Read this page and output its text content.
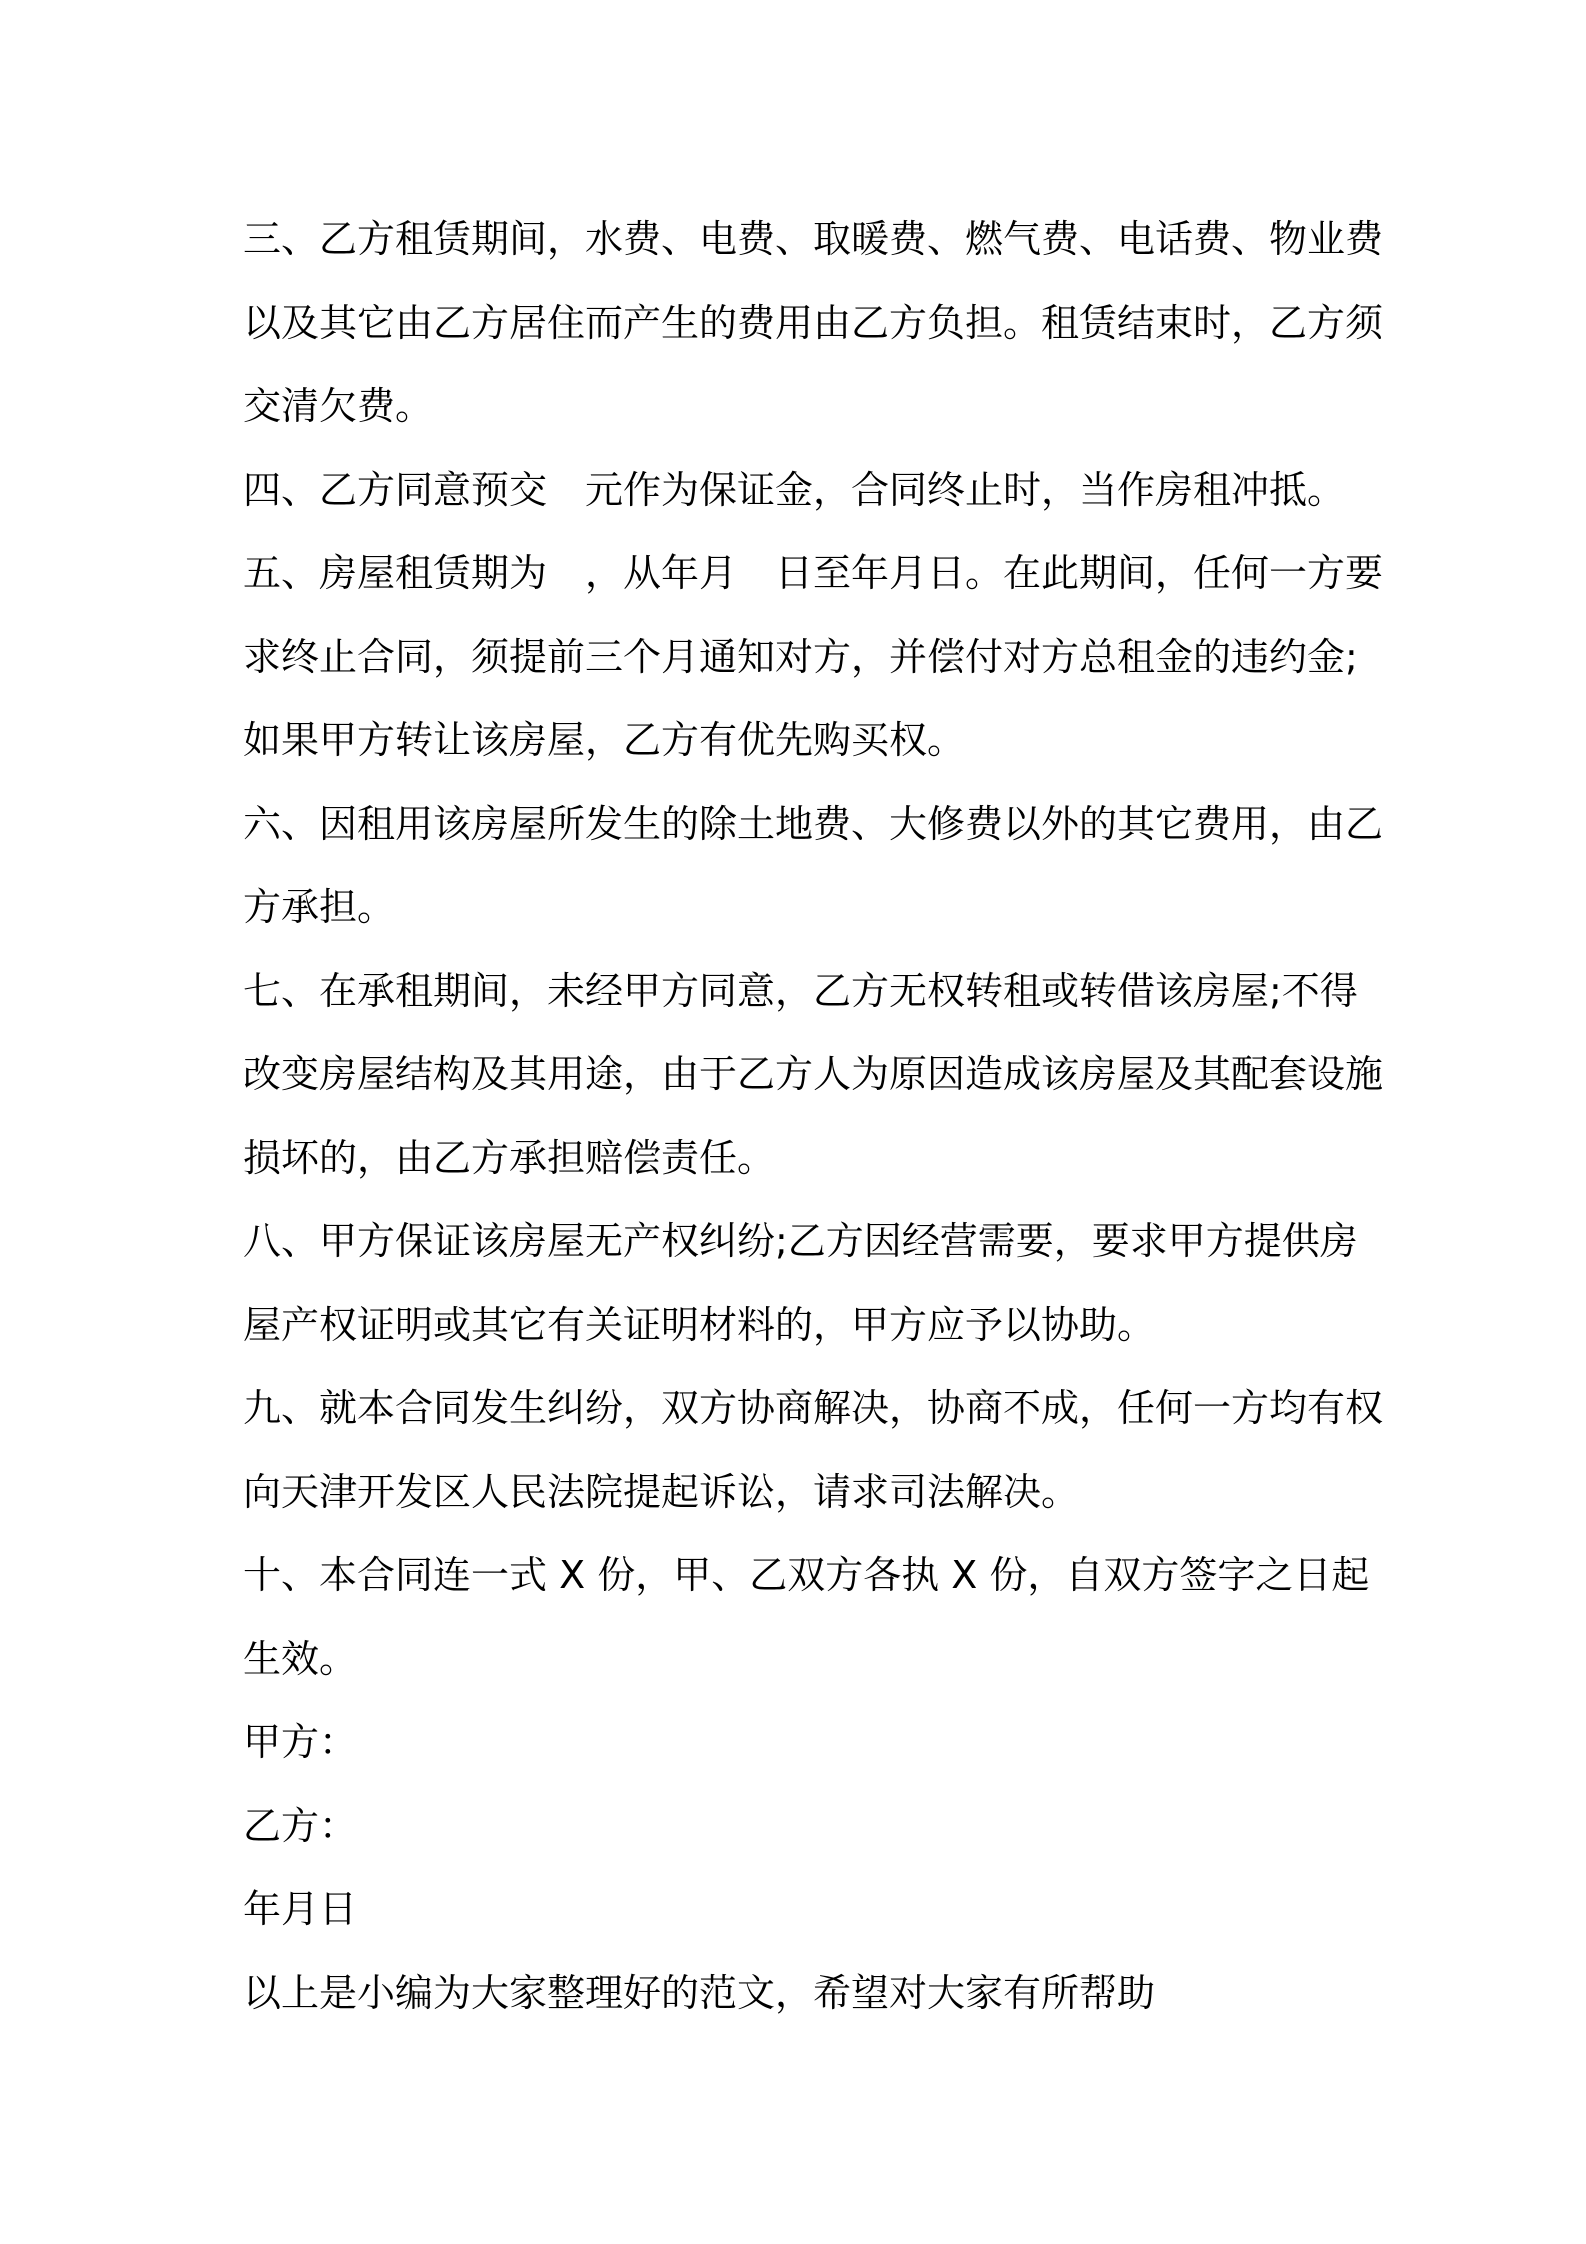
三、乙方租赁期间，水费、电费、取暖费、燃气费、电话费、物业费
以及其它由乙方居住而产生的费用由乙方负担。租赁结束时，乙方须
交清欠费。
四、乙方同意预交　元作为保证金，合同终止时，当作房租冲抵。
五、房屋租赁期为　，从年月　日至年月日。在此期间，任何一方要
求终止合同，须提前三个月通知对方，并偿付对方总租金的违约金;
如果甲方转让该房屋，乙方有优先购买权。
六、因租用该房屋所发生的除土地费、大修费以外的其它费用，由乙
方承担。
七、在承租期间，未经甲方同意，乙方无权转租或转借该房屋;不得
改变房屋结构及其用途，由于乙方人为原因造成该房屋及其配套设施
损坏的，由乙方承担赔偿责任。
八、甲方保证该房屋无产权纠纷;乙方因经营需要，要求甲方提供房
屋产权证明或其它有关证明材料的，甲方应予以协助。
九、就本合同发生纠纷，双方协商解决，协商不成，任何一方均有权
向天津开发区人民法院提起诉讼，请求司法解决。
十、本合同连一式 X 份，甲、乙双方各执 X 份，自双方签字之日起
生效。
甲方：
乙方：
年月日
以上是小编为大家整理好的范文，希望对大家有所帮助
